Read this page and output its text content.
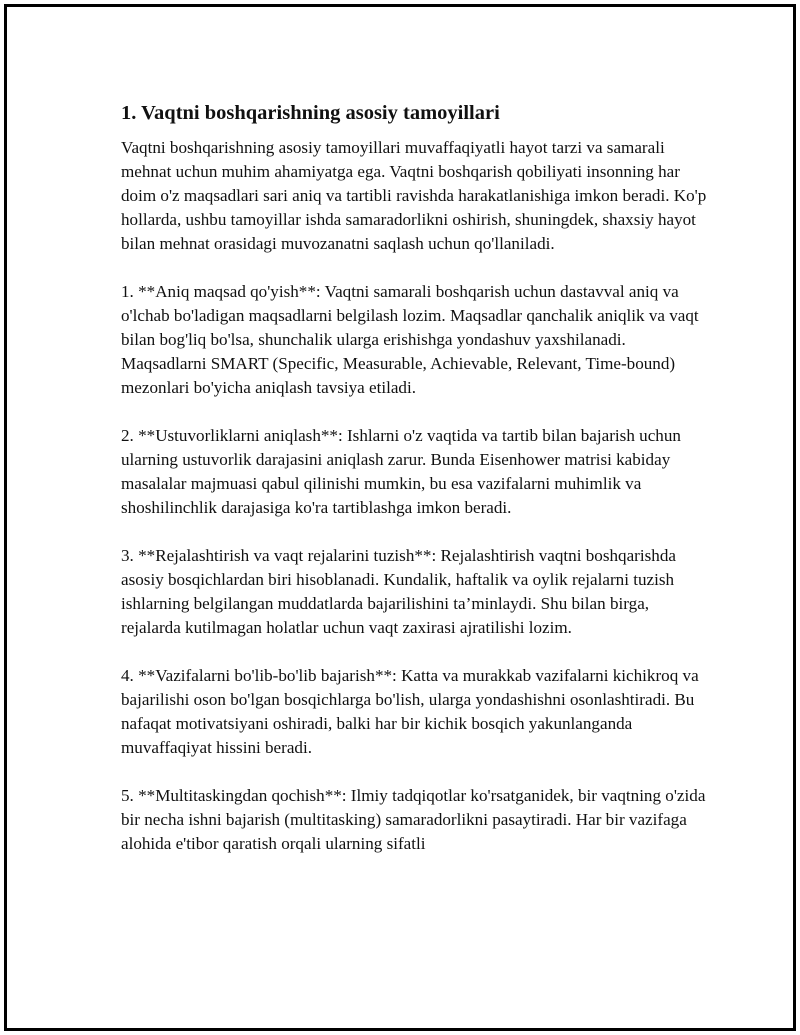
1. Vaqtni boshqarishning asosiy tamoyillari

Vaqtni boshqarishning asosiy tamoyillari muvaffaqiyatli hayot tarzi va samarali mehnat uchun muhim ahamiyatga ega. Vaqtni boshqarish qobiliyati insonning har doim o'z maqsadlari sari aniq va tartibli ravishda harakatlanishiga imkon beradi. Ko'p hollarda, ushbu tamoyillar ishda samaradorlikni oshirish, shuningdek, shaxsiy hayot bilan mehnat orasidagi muvozanatni saqlash uchun qo'llaniladi.

1. **Aniq maqsad qo'yish**: Vaqtni samarali boshqarish uchun dastavval aniq va o'lchab bo'ladigan maqsadlarni belgilash lozim. Maqsadlar qanchalik aniqlik va vaqt bilan bog'liq bo'lsa, shunchalik ularga erishishga yondashuv yaxshilanadi. Maqsadlarni SMART (Specific, Measurable, Achievable, Relevant, Time-bound) mezonlari bo'yicha aniqlash tavsiya etiladi.

2. **Ustuvorliklarni aniqlash**: Ishlarni o'z vaqtida va tartib bilan bajarish uchun ularning ustuvorlik darajasini aniqlash zarur. Bunda Eisenhower matrisi kabiday masalalar majmuasi qabul qilinishi mumkin, bu esa vazifalarni muhimlik va shoshilinchlik darajasiga ko'ra tartiblashga imkon beradi.

3. **Rejalashtirish va vaqt rejalarini tuzish**: Rejalashtirish vaqtni boshqarishda asosiy bosqichlardan biri hisoblanadi. Kundalik, haftalik va oylik rejalarni tuzish ishlarning belgilangan muddatlarda bajarilishini ta’minlaydi. Shu bilan birga, rejalarda kutilmagan holatlar uchun vaqt zaxirasi ajratilishi lozim.

4. **Vazifalarni bo'lib-bo'lib bajarish**: Katta va murakkab vazifalarni kichikroq va bajarilishi oson bo'lgan bosqichlarga bo'lish, ularga yondashishni osonlashtiradi. Bu nafaqat motivatsiyani oshiradi, balki har bir kichik bosqich yakunlanganda muvaffaqiyat hissini beradi.

5. **Multitaskingdan qochish**: Ilmiy tadqiqotlar ko'rsatganidek, bir vaqtning o'zida bir necha ishni bajarish (multitasking) samaradorlikni pasaytiradi. Har bir vazifaga alohida e'tibor qaratish orqali ularning sifatli
